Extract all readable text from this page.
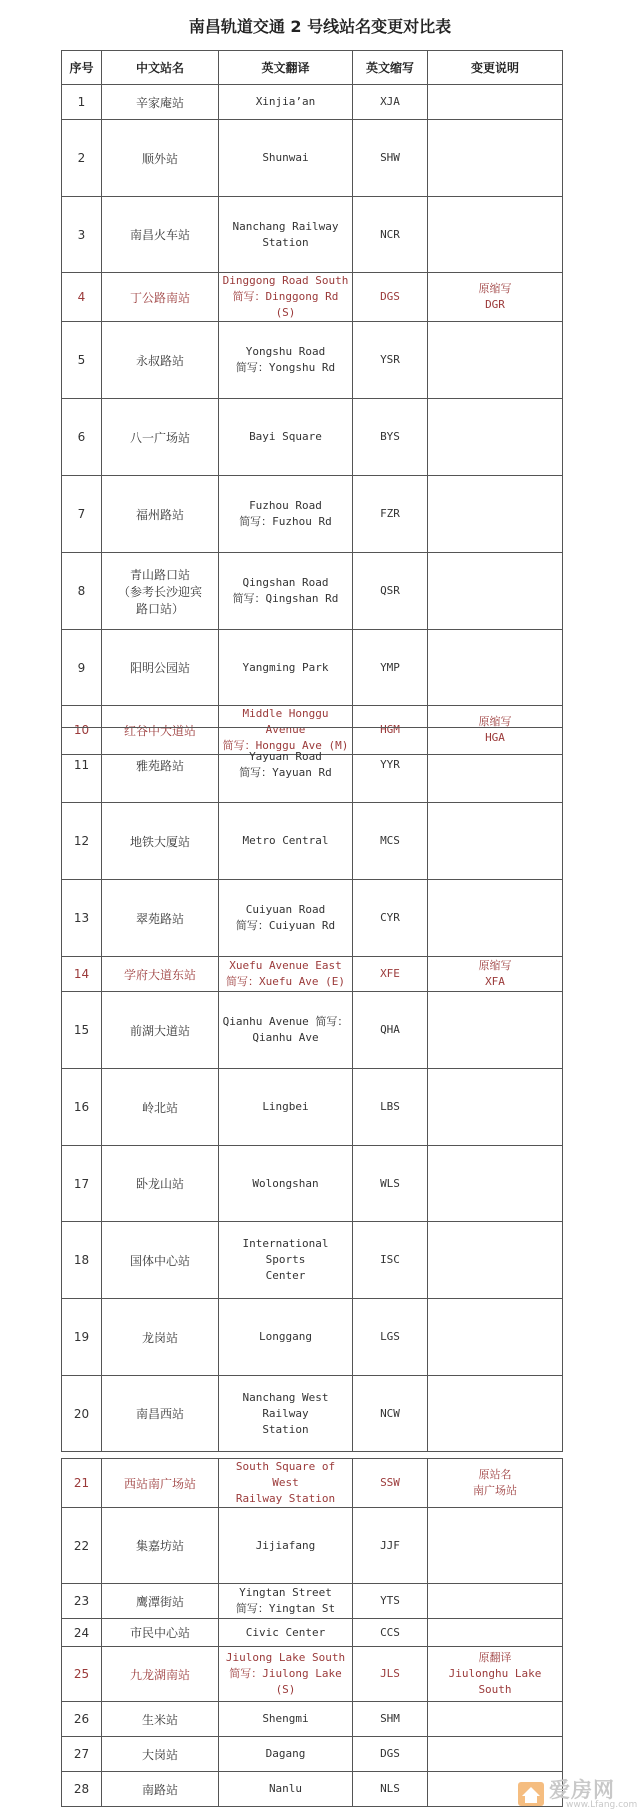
南昌轨道交通 2 号线站名变更对比表
序号	中文站名	英文翻译	英文缩写	变更说明
1	辛家庵站	Xinjia’an	XJA	
2	顺外站	Shunwai	SHW	
3	南昌火车站	Nanchang Railway
Station	NCR	
4	丁公路南站	Dinggong Road South
简写：Dinggong Rd (S)	DGS	原缩写
DGR

5	永叔路站	Yongshu Road
简写：Yongshu Rd	YSR	
6	八一广场站	Bayi Square	BYS	
7	福州路站	Fuzhou Road
简写：Fuzhou Rd	FZR	
8	青山路口站
（参考长沙迎宾
路口站）	Qingshan Road
简写：Qingshan Rd	QSR	
9	阳明公园站	Yangming Park	YMP	
10	红谷中大道站	Middle Honggu Avenue
简写：Honggu Ave (M)	HGM	原缩写
HGA
11	雅苑路站	Yayuan Road
简写：Yayuan Rd	YYR	
12	地铁大厦站	Metro Central	MCS	
13	翠苑路站	Cuiyuan Road
简写：Cuiyuan Rd	CYR	
14	学府大道东站	Xuefu Avenue East
简写：Xuefu Ave (E)	XFE	原缩写
XFA

15	前湖大道站	Qianhu Avenue 简写：
Qianhu Ave	QHA	
16	岭北站	Lingbei	LBS	
17	卧龙山站	Wolongshan	WLS	
18	国体中心站	International Sports
Center	ISC	
19	龙岗站	Longgang	LGS	
20	南昌西站	Nanchang West Railway
Station	NCW	
21	西站南广场站	South Square of West
Railway Station	SSW	原站名
南广场站

22	集嘉坊站	Jijiafang	JJF	
23	鹰潭街站	Yingtan Street
简写：Yingtan St	YTS	
24	市民中心站	Civic Center	CCS	
25	九龙湖南站	Jiulong Lake South
简写：Jiulong Lake (S)	JLS	原翻译
Jiulonghu Lake
South

26	生米站	Shengmi	SHM	
27	大岗站	Dagang	DGS	
28	南路站	Nanlu	NLS		爱房网
www.Lfang.com
